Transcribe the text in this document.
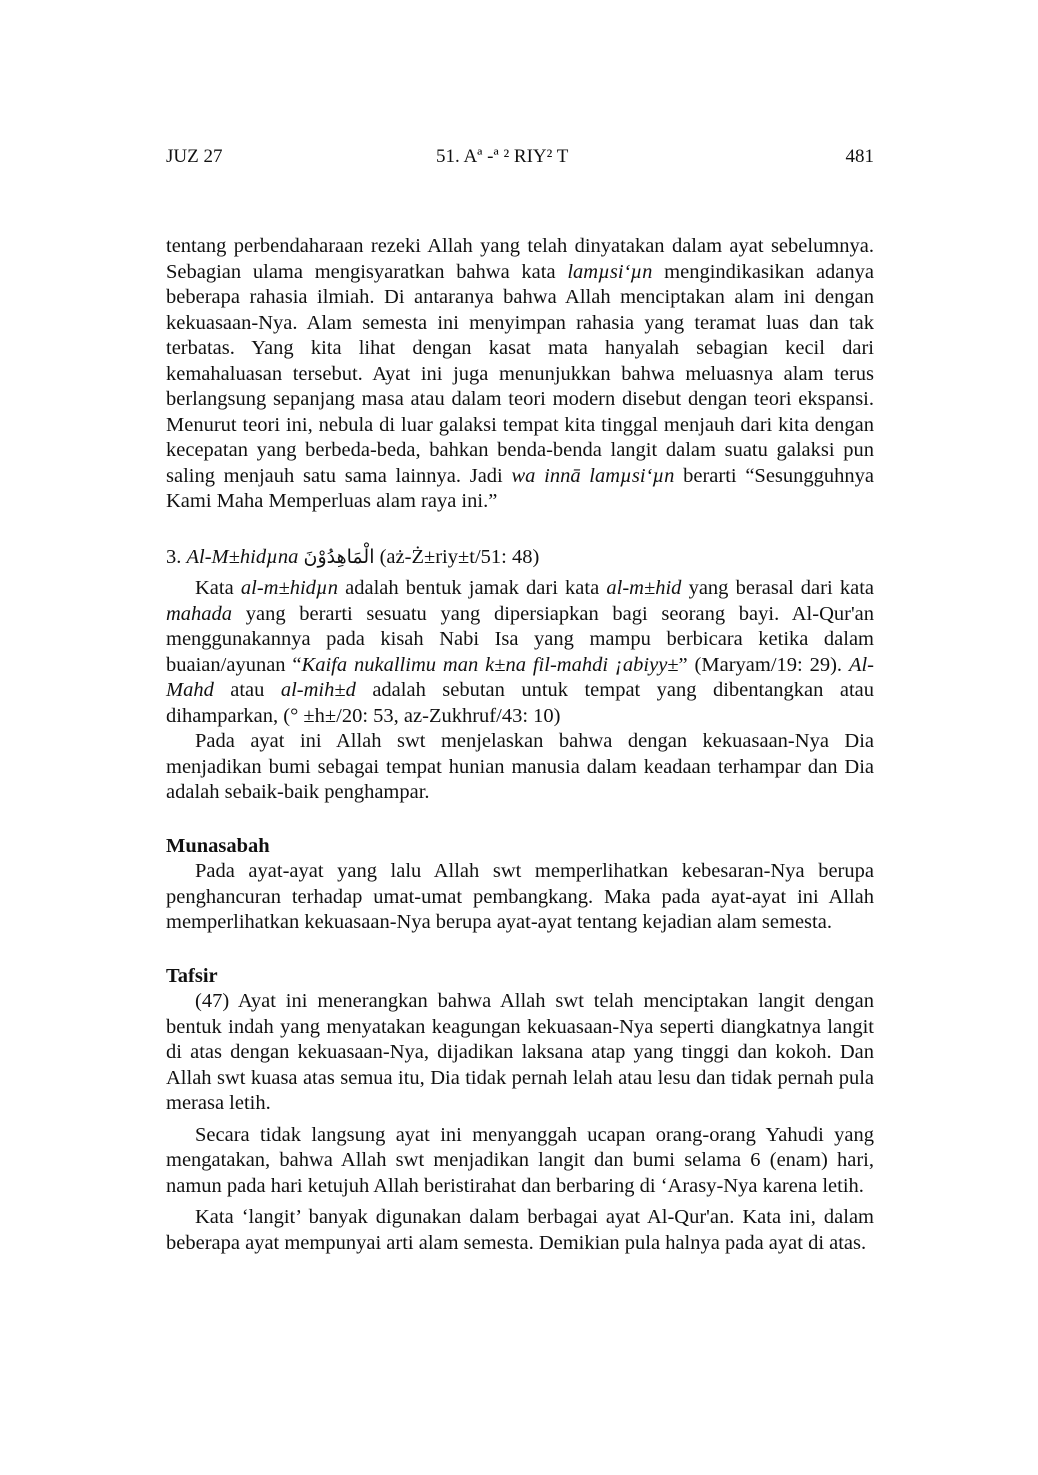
JUZ 27	51. Aª -ª ² RIY² T	481

tentang perbendaharaan rezeki Allah yang telah dinyatakan dalam ayat sebelumnya. Sebagian ulama mengisyaratkan bahwa kata lamµsi‘µn mengindikasikan adanya beberapa rahasia ilmiah. Di antaranya bahwa Allah menciptakan alam ini dengan kekuasaan-Nya. Alam semesta ini menyimpan rahasia yang teramat luas dan tak terbatas. Yang kita lihat dengan kasat mata hanyalah sebagian kecil dari kemahaluasan tersebut. Ayat ini juga menunjukkan bahwa meluasnya alam terus berlangsung sepanjang masa atau dalam teori modern disebut dengan teori ekspansi. Menurut teori ini, nebula di luar galaksi tempat kita tinggal menjauh dari kita dengan kecepatan yang berbeda-beda, bahkan benda-benda langit dalam suatu galaksi pun saling menjauh satu sama lainnya. Jadi wa innā lamµsi‘µn berarti “Sesungguhnya Kami Maha Memperluas alam raya ini.”

3. Al-M±hidµna الْمَاهِدُوْنَ (aż-Ż±riy±t/51: 48)

Kata al-m±hidµn adalah bentuk jamak dari kata al-m±hid yang berasal dari kata mahada yang berarti sesuatu yang dipersiapkan bagi seorang bayi. Al-Qur'an menggunakannya pada kisah Nabi Isa yang mampu berbicara ketika dalam buaian/ayunan “Kaifa nukallimu man k±na fil-mahdi ¡abiyy±” (Maryam/19: 29). Al-Mahd atau al-mih±d adalah sebutan untuk tempat yang dibentangkan atau dihamparkan, (° ±h±/20: 53, az-Zukhruf/43: 10)

Pada ayat ini Allah swt menjelaskan bahwa dengan kekuasaan-Nya Dia menjadikan bumi sebagai tempat hunian manusia dalam keadaan terhampar dan Dia adalah sebaik-baik penghampar.

Munasabah

Pada ayat-ayat yang lalu Allah swt memperlihatkan kebesaran-Nya berupa penghancuran terhadap umat-umat pembangkang. Maka pada ayat-ayat ini Allah memperlihatkan kekuasaan-Nya berupa ayat-ayat tentang kejadian alam semesta.

Tafsir

(47) Ayat ini menerangkan bahwa Allah swt telah menciptakan langit dengan bentuk indah yang menyatakan keagungan kekuasaan-Nya seperti diangkatnya langit di atas dengan kekuasaan-Nya, dijadikan laksana atap yang tinggi dan kokoh. Dan Allah swt kuasa atas semua itu, Dia tidak pernah lelah atau lesu dan tidak pernah pula merasa letih.

Secara tidak langsung ayat ini menyanggah ucapan orang-orang Yahudi yang mengatakan, bahwa Allah swt menjadikan langit dan bumi selama 6 (enam) hari, namun pada hari ketujuh Allah beristirahat dan berbaring di ‘Arasy-Nya karena letih.

Kata ‘langit’ banyak digunakan dalam berbagai ayat Al-Qur'an. Kata ini, dalam beberapa ayat mempunyai arti alam semesta. Demikian pula halnya pada ayat di atas.
